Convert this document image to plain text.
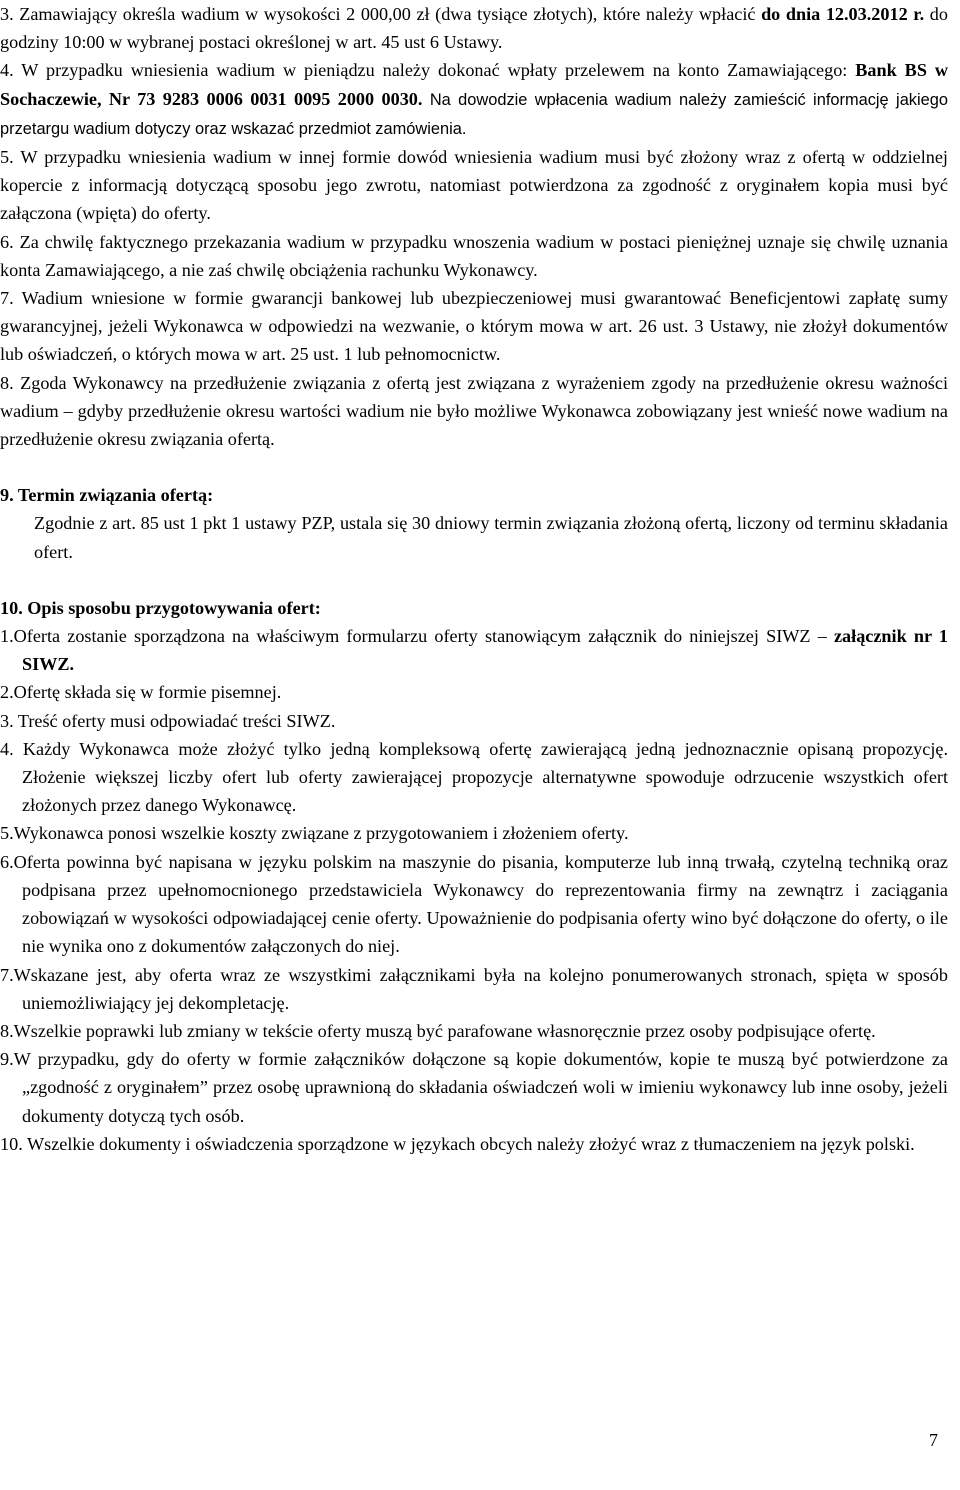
3. Zamawiający określa wadium w wysokości 2 000,00 zł (dwa tysiące złotych), które należy wpłacić do dnia 12.03.2012 r. do godziny 10:00 w wybranej postaci określonej w art. 45 ust 6 Ustawy.

4. W przypadku wniesienia wadium w pieniądzu należy dokonać wpłaty przelewem na konto Zamawiającego: Bank BS w Sochaczewie, Nr 73 9283 0006 0031 0095 2000 0030. Na dowodzie wpłacenia wadium należy zamieścić informację jakiego przetargu wadium dotyczy oraz wskazać przedmiot zamówienia.

5. W przypadku wniesienia wadium w innej formie dowód wniesienia wadium musi być złożony wraz z ofertą w oddzielnej kopercie z informacją dotyczącą sposobu jego zwrotu, natomiast potwierdzona za zgodność z oryginałem kopia musi być załączona (wpięta) do oferty.

6. Za chwilę faktycznego przekazania wadium w przypadku wnoszenia wadium w postaci pieniężnej uznaje się chwilę uznania konta Zamawiającego, a nie zaś chwilę obciążenia rachunku Wykonawcy.

7. Wadium wniesione w formie gwarancji bankowej lub ubezpieczeniowej musi gwarantować Beneficjentowi zapłatę sumy gwarancyjnej, jeżeli Wykonawca w odpowiedzi na wezwanie, o którym mowa w art. 26 ust. 3 Ustawy, nie złożył dokumentów lub oświadczeń, o których mowa w art. 25 ust. 1 lub pełnomocnictw.

8. Zgoda Wykonawcy na przedłużenie związania z ofertą jest związana z wyrażeniem zgody na przedłużenie okresu ważności wadium – gdyby przedłużenie okresu wartości wadium nie było możliwe Wykonawca zobowiązany jest wnieść nowe wadium na przedłużenie okresu związania ofertą.

9. Termin związania ofertą:

Zgodnie z art. 85 ust 1 pkt 1 ustawy PZP, ustala się 30 dniowy termin związania złożoną ofertą, liczony od terminu składania ofert.

10. Opis sposobu przygotowywania ofert:

1.Oferta zostanie sporządzona na właściwym formularzu oferty stanowiącym załącznik do niniejszej SIWZ – załącznik nr 1 SIWZ.

2.Ofertę składa się w formie pisemnej.

3. Treść oferty musi odpowiadać treści SIWZ.

4. Każdy Wykonawca może złożyć tylko jedną kompleksową ofertę zawierającą jedną jednoznacznie opisaną propozycję. Złożenie większej liczby ofert lub oferty zawierającej propozycje alternatywne spowoduje odrzucenie wszystkich ofert złożonych przez danego Wykonawcę.

5.Wykonawca ponosi wszelkie koszty związane z przygotowaniem i złożeniem oferty.

6.Oferta powinna być napisana w języku polskim na maszynie do pisania, komputerze lub inną trwałą, czytelną techniką oraz podpisana przez upełnomocnionego przedstawiciela Wykonawcy do reprezentowania firmy na zewnątrz i zaciągania zobowiązań w wysokości odpowiadającej cenie oferty. Upoważnienie do podpisania oferty wino być dołączone do oferty, o ile nie wynika ono z dokumentów załączonych do niej.

7.Wskazane jest, aby oferta wraz ze wszystkimi załącznikami była na kolejno ponumerowanych stronach, spięta w sposób uniemożliwiający jej dekompletację.

8.Wszelkie poprawki lub zmiany w tekście oferty muszą być parafowane własnoręcznie przez osoby podpisujące ofertę.

9.W przypadku, gdy do oferty w formie załączników dołączone są kopie dokumentów, kopie te muszą być potwierdzone za „zgodność z oryginałem” przez osobę uprawnioną do składania oświadczeń woli w imieniu wykonawcy lub inne osoby, jeżeli dokumenty dotyczą tych osób.

10. Wszelkie dokumenty i oświadczenia sporządzone w językach obcych należy złożyć wraz z tłumaczeniem na język polski.

7
